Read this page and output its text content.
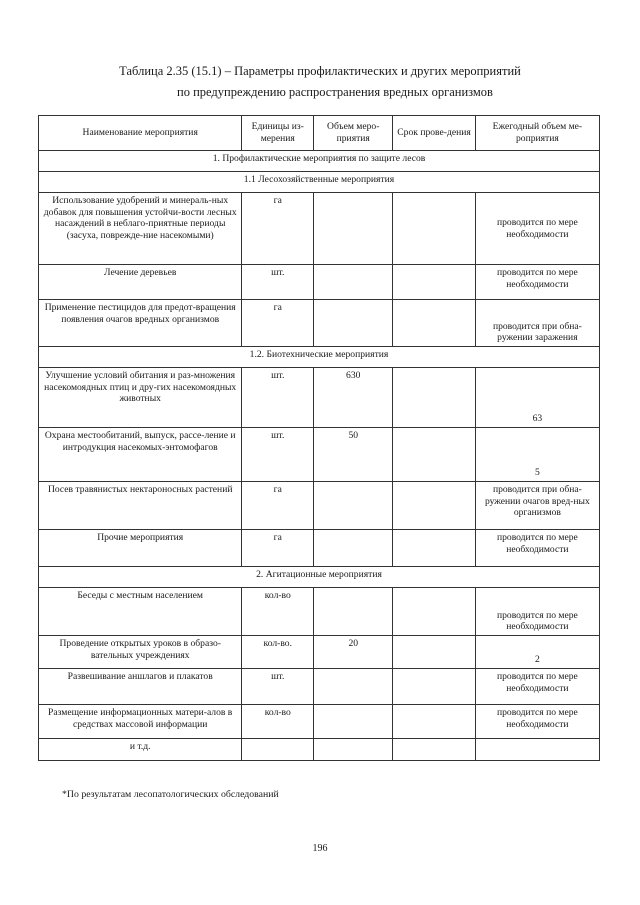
Таблица 2.35 (15.1) – Параметры профилактических и других мероприятий
по предупреждению распространения вредных организмов
Наименование мероприятия	Единицы из-мерения	Объем меро-приятия	Срок прове-дения	Ежегодный объем ме-роприятия
1. Профилактические мероприятия по защите лесов				
1.1 Лесохозяйственные мероприятия				
Использование удобрений и минераль-ных добавок для повышения устойчи-вости лесных насаждений в неблаго-приятные периоды (засуха, повреждe-ние насекомыми)	га			проводится по мере необходимости
Лечение деревьев	шт.			проводится по мере необходимости
Применение пестицидов для предот-вращения появления очагов вредных организмов	га			проводится при обна-ружении заражения
1.2. Биотехнические мероприятия				
Улучшение условий обитания и раз-множения насекомоядных птиц и дру-гих насекомоядных животных	шт.	630		63
Охрана местообитаний, выпуск, рассе-ление и интродукция насекомых-энтомофагов	шт.	50		5
Посев травянистых нектароносных растений	га			проводится при обна-ружении очагов вред-ных организмов
Прочие мероприятия	га			проводится по мере необходимости
2. Агитационные мероприятия				
Беседы с местным населением	кол-во			проводится по мере необходимости
Проведение открытых уроков в образо-вательных учреждениях	кол-во.	20		2
Развешивание аншлагов и плакатов	шт.			проводится по мере необходимости
Размещение информационных матери-алов в средствах массовой информации	кол-во			проводится по мере необходимости
и т.д.				
*По результатам лесопатологических обследований
196
